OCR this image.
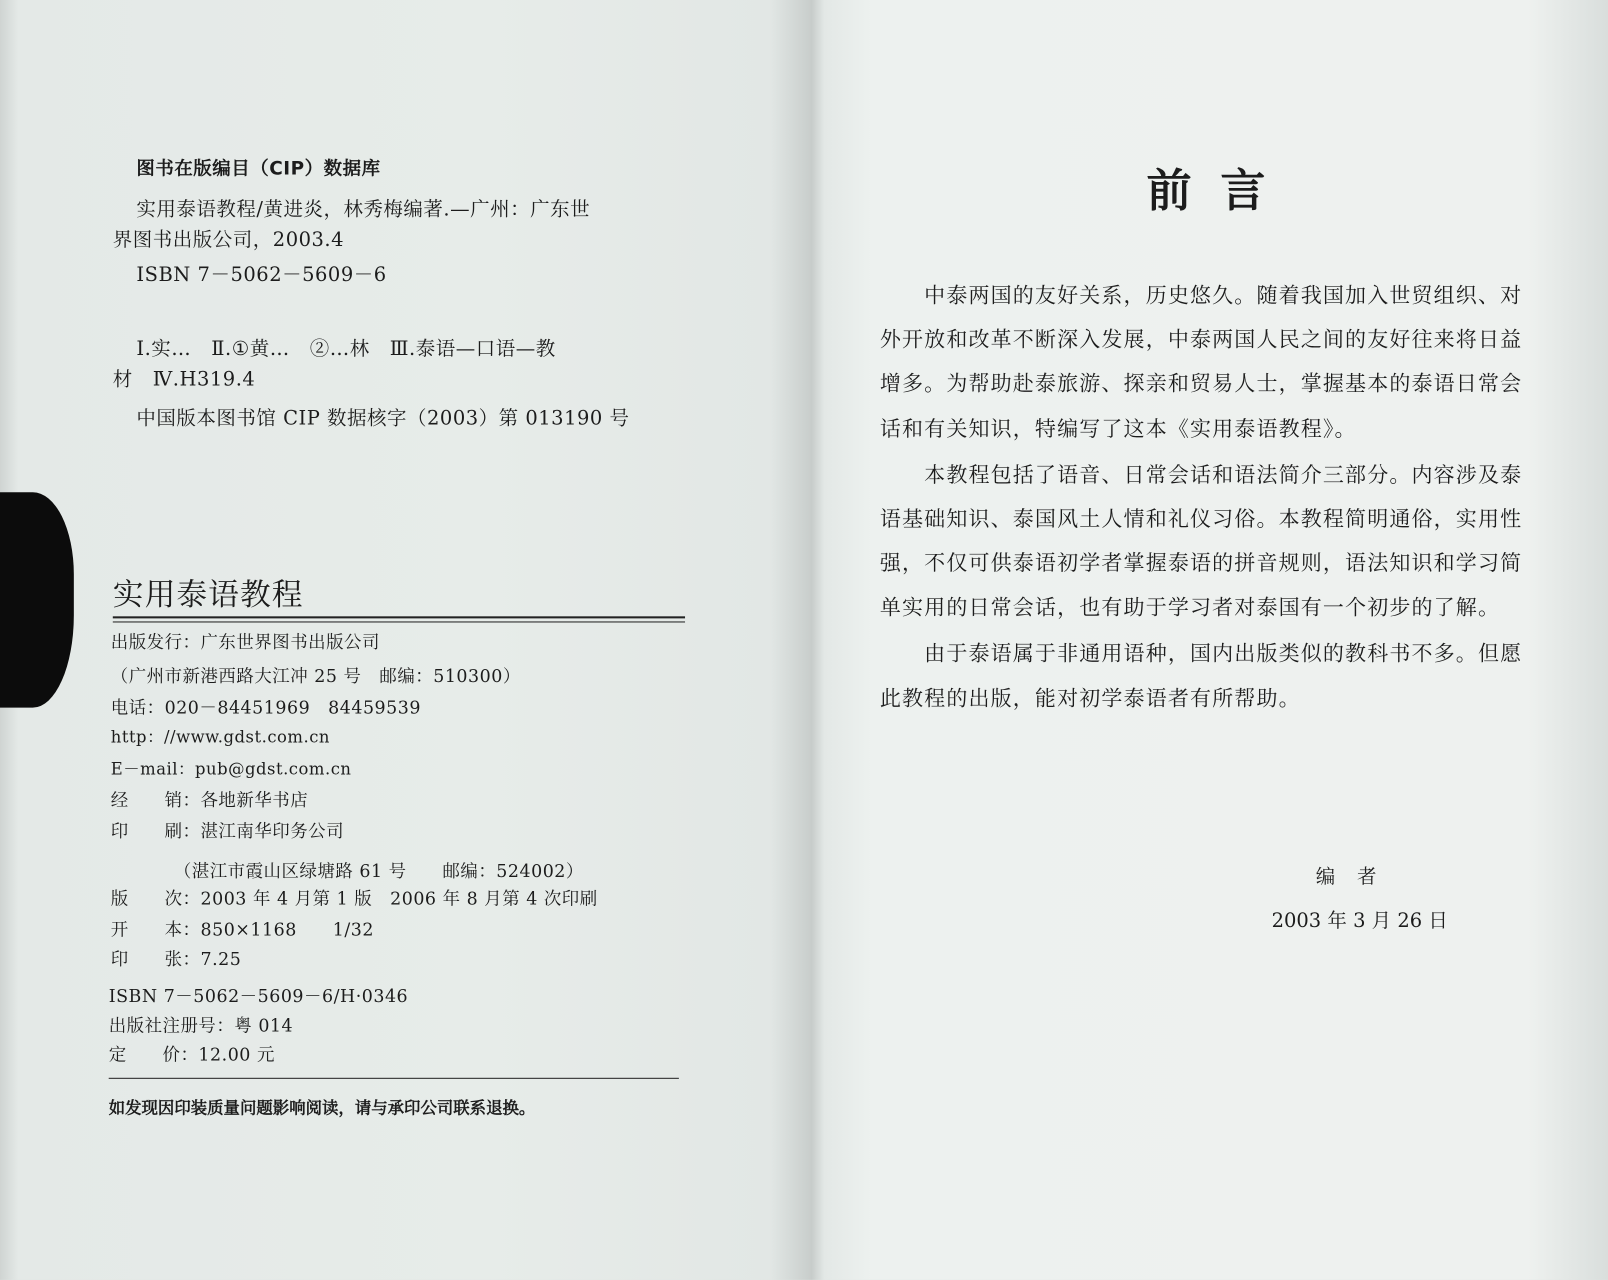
图书在版编目（CIP）数据库
实用泰语教程/黄进炎，林秀梅编著.—广州：广东世
界图书出版公司，2003.4
ISBN 7－5062－5609－6
Ⅰ.实…　Ⅱ.①黄…　②…林　Ⅲ.泰语—口语—教
材　Ⅳ.H319.4
中国版本图书馆 CIP 数据核字（2003）第 013190 号
实用泰语教程
出版发行：广东世界图书出版公司
（广州市新港西路大江冲 25 号　邮编：510300）
电话：020－84451969　84459539
http：//www.gdst.com.cn
E－mail：pub@gdst.com.cn
经　　销：各地新华书店
印　　刷：湛江南华印务公司
　　　　（湛江市霞山区绿塘路 61 号　　邮编：524002）
版　　次：2003 年 4 月第 1 版　2006 年 8 月第 4 次印刷
开　　本：850×1168　　1/32
印　　张：7.25
ISBN 7－5062－5609－6/H·0346
出版社注册号：粤 014
定　　价：12.00 元
如发现因印装质量问题影响阅读，请与承印公司联系退换。
前言
　　中泰两国的友好关系，历史悠久。随着我国加入世贸组织、对
外开放和改革不断深入发展，中泰两国人民之间的友好往来将日益
增多。为帮助赴泰旅游、探亲和贸易人士，掌握基本的泰语日常会
话和有关知识，特编写了这本《实用泰语教程》。
　　本教程包括了语音、日常会话和语法简介三部分。内容涉及泰
语基础知识、泰国风土人情和礼仪习俗。本教程简明通俗，实用性
强，不仅可供泰语初学者掌握泰语的拼音规则，语法知识和学习简
单实用的日常会话，也有助于学习者对泰国有一个初步的了解。
　　由于泰语属于非通用语种，国内出版类似的教科书不多。但愿
此教程的出版，能对初学泰语者有所帮助。
编　者
2003 年 3 月 26 日
